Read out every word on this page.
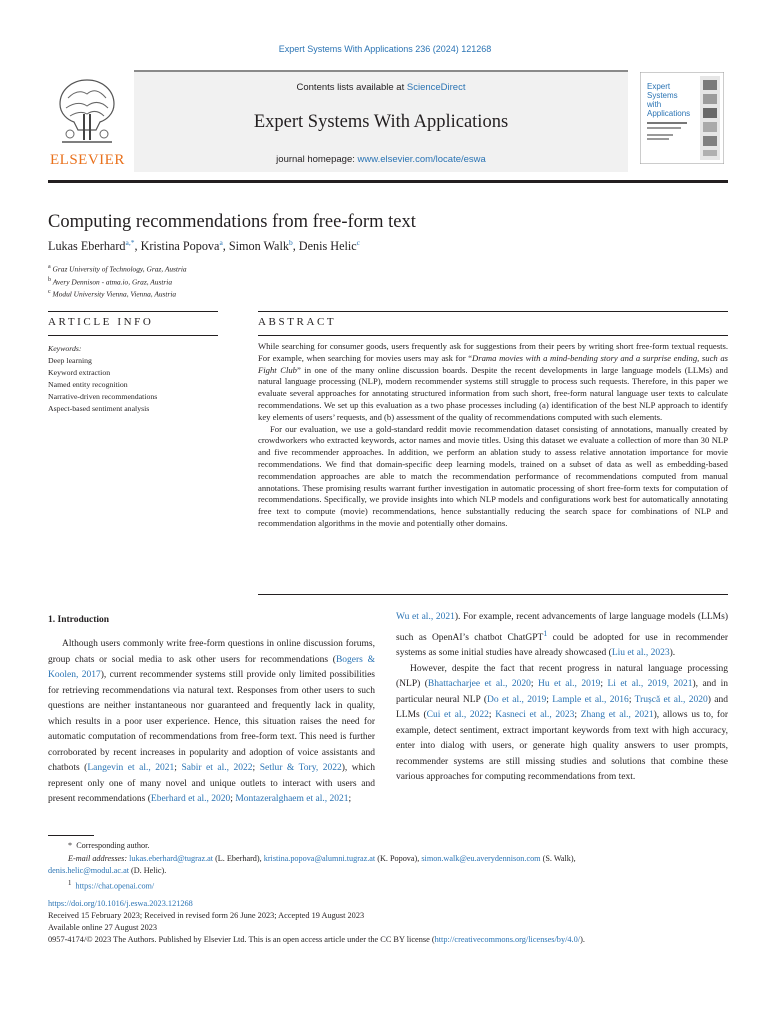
Expert Systems With Applications 236 (2024) 121268
ELSEVIER
Contents lists available at ScienceDirect
Expert Systems With Applications
journal homepage: www.elsevier.com/locate/eswa
Expert
Systems
with
Applications
Computing recommendations from free-form text
Lukas Eberhard$^{a,*}$, Kristina Popova$^a$, Simon Walk$^b$, Denis Helic$^c$
$^a$ Graz University of Technology, Graz, Austria
$^b$ Avery Dennison - atma.io, Graz, Austria
$^c$ Modul University Vienna, Vienna, Austria
ARTICLE INFO	ABSTRACT
Keywords:
Deep learning
Keyword extraction
Named entity recognition
Narrative-driven recommendations
Aspect-based sentiment analysis

While searching for consumer goods, users frequently ask for suggestions from their peers by writing short free-form textual requests. For example, when searching for movies users may ask for “Drama movies with a mind-bending story and a surprise ending, such as Fight Club” in one of the many online discussion boards. Despite the recent developments in large language models (LLMs) and natural language processing (NLP), modern recommender systems still struggle to process such requests. Therefore, in this paper we evaluate several approaches for annotating structured information from such short, free-form natural language user texts to calculate recommendations. We set up this evaluation as a two phase processes including (a) identification of the best NLP approach to identify key elements of users’ requests, and (b) assessment of the quality of recommendations computed with such elements.

For our evaluation, we use a gold-standard reddit movie recommendation dataset consisting of annotations, manually created by crowdworkers who extracted keywords, actor names and movie titles. Using this dataset we evaluate a collection of more than 30 NLP and five recommender approaches. In addition, we perform an ablation study to assess relative annotation importance for movie recommendations. We find that domain-specific deep learning models, trained on a subset of data as well as embedding-based recommendation approaches are able to match the recommendation performance of recommendations computed from manual annotations. These promising results warrant further investigation in automatic processing of short free-form texts for computation of recommendations. Specifically, we provide insights into which NLP models and configurations work best for automatically annotating free text to compute (movie) recommendations, hence substantially reducing the search space for combinations of NLP and recommendation algorithms in the movie and potentially other domains.

1. Introduction

Although users commonly write free-form questions in online discussion forums, group chats or social media to ask other users for recommendations (Bogers & Koolen, 2017), current recommender systems still provide only limited possibilities for retrieving recommendations via natural text. Responses from other users to such questions are neither instantaneous nor guaranteed and frequently lack in quality, which results in a poor user experience. Hence, this situation raises the need for automatic computation of recommendations from free-form text. This need is further corroborated by recent increases in popularity and adoption of voice assistants and chatbots (Langevin et al., 2021; Sabir et al., 2022; Setlur & Tory, 2022), which represent only one of many novel and unique outlets to interact with users and present recommendations (Eberhard et al., 2020; Montazeralghaem et al., 2021;

Wu et al., 2021). For example, recent advancements of large language models (LLMs) such as OpenAI’s chatbot ChatGPT$^1$ could be adopted for use in recommender systems as some initial studies have already showcased (Liu et al., 2023).

However, despite the fact that recent progress in natural language processing (NLP) (Bhattacharjee et al., 2020; Hu et al., 2019; Li et al., 2019, 2021), and in particular neural NLP (Do et al., 2019; Lample et al., 2016; Trușcă et al., 2020) and LLMs (Cui et al., 2022; Kasneci et al., 2023; Zhang et al., 2021), allows us to, for example, detect sentiment, extract important keywords from text with high accuracy, enter into dialog with users, or generate high quality answers to user prompts, recommender systems are still missing studies and solutions that combine these various approaches for computing recommendations from text.

* Corresponding author.
E-mail addresses: lukas.eberhard@tugraz.at (L. Eberhard), kristina.popova@alumni.tugraz.at (K. Popova), simon.walk@eu.averydennison.com (S. Walk),
denis.helic@modul.ac.at (D. Helic).
$^1$ https://chat.openai.com/
https://doi.org/10.1016/j.eswa.2023.121268
Received 15 February 2023; Received in revised form 26 June 2023; Accepted 19 August 2023
Available online 27 August 2023
0957-4174/© 2023 The Authors. Published by Elsevier Ltd. This is an open access article under the CC BY license (http://creativecommons.org/licenses/by/4.0/).
